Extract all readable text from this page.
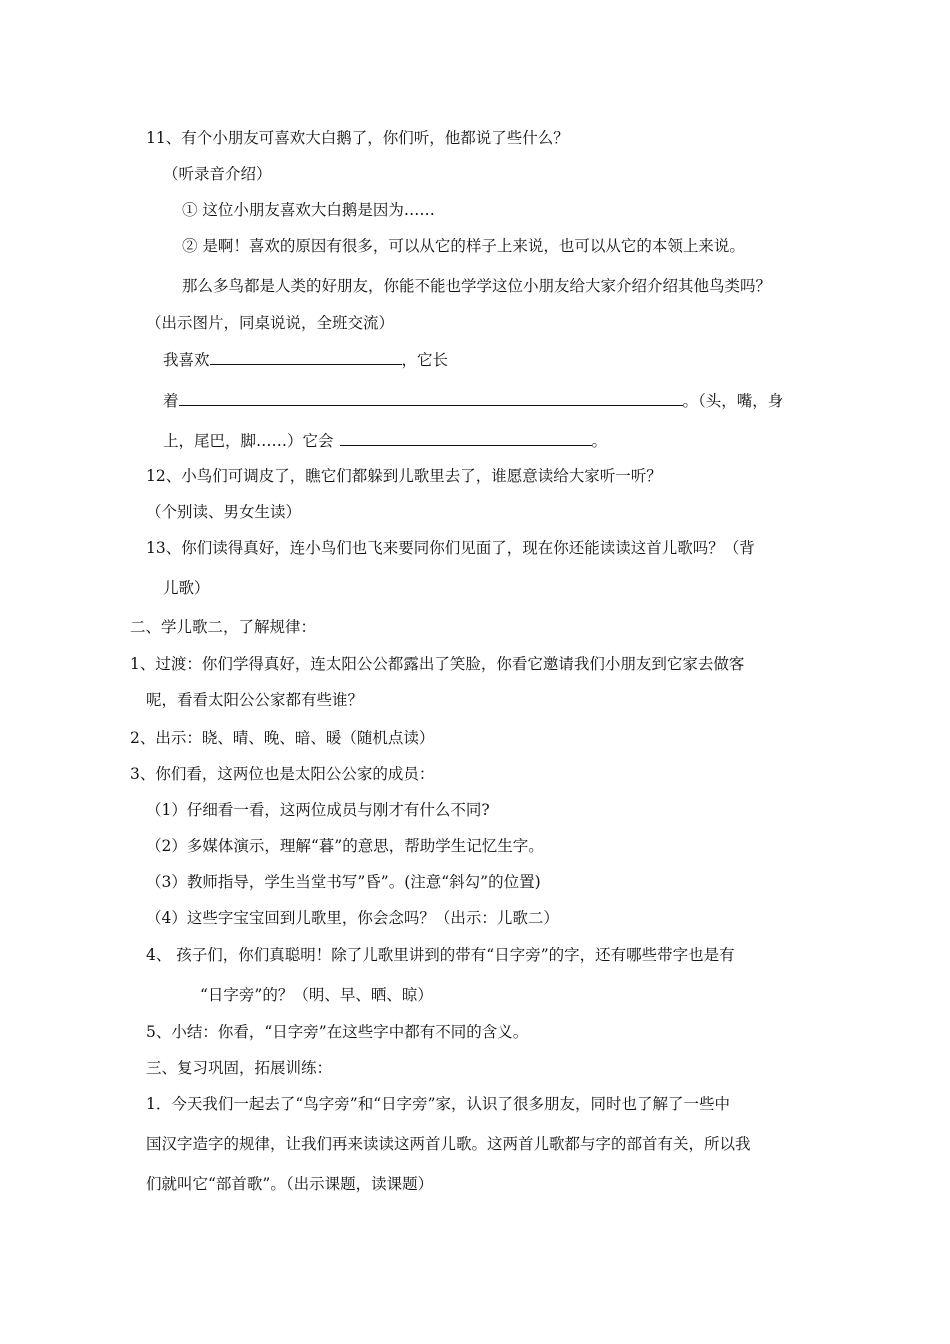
11、有个小朋友可喜欢大白鹅了，你们听，他都说了些什么？
（听录音介绍）
① 这位小朋友喜欢大白鹅是因为……
② 是啊！喜欢的原因有很多，可以从它的样子上来说，也可以从它的本领上来说。
那么多鸟都是人类的好朋友，你能不能也学学这位小朋友给大家介绍介绍其他鸟类吗？
（出示图片，同桌说说，全班交流）
我喜欢	，它长
着	。（头，嘴，身
上，尾巴，脚……）它会	。
12、小鸟们可调皮了，瞧它们都躲到儿歌里去了，谁愿意读给大家听一听？
（个别读、男女生读）
13、你们读得真好，连小鸟们也飞来要同你们见面了，现在你还能读读这首儿歌吗？（背
儿歌）
二、学儿歌二，了解规律：
1、过渡：你们学得真好，连太阳公公都露出了笑脸，你看它邀请我们小朋友到它家去做客
呢，看看太阳公公家都有些谁？
2、出示：晓、晴、晚、暗、暖（随机点读）
3、你们看，这两位也是太阳公公家的成员：
（1）仔细看一看，这两位成员与刚才有什么不同?
（2）多媒体演示，理解“暮”的意思，帮助学生记忆生字。
（3）教师指导，学生当堂书写”昏”。(注意“斜勾”的位置)
（4）这些字宝宝回到儿歌里，你会念吗？（出示：儿歌二）
4、 孩子们，你们真聪明！除了儿歌里讲到的带有“日字旁”的字，还有哪些带字也是有
“日字旁”的？（明、早、晒、晾）
5、小结：你看，“日字旁”在这些字中都有不同的含义。
三、复习巩固，拓展训练：
1．今天我们一起去了“鸟字旁”和“日字旁”家，认识了很多朋友，同时也了解了一些中
国汉字造字的规律，让我们再来读读这两首儿歌。这两首儿歌都与字的部首有关，所以我
们就叫它“部首歌”。（出示课题，读课题）
